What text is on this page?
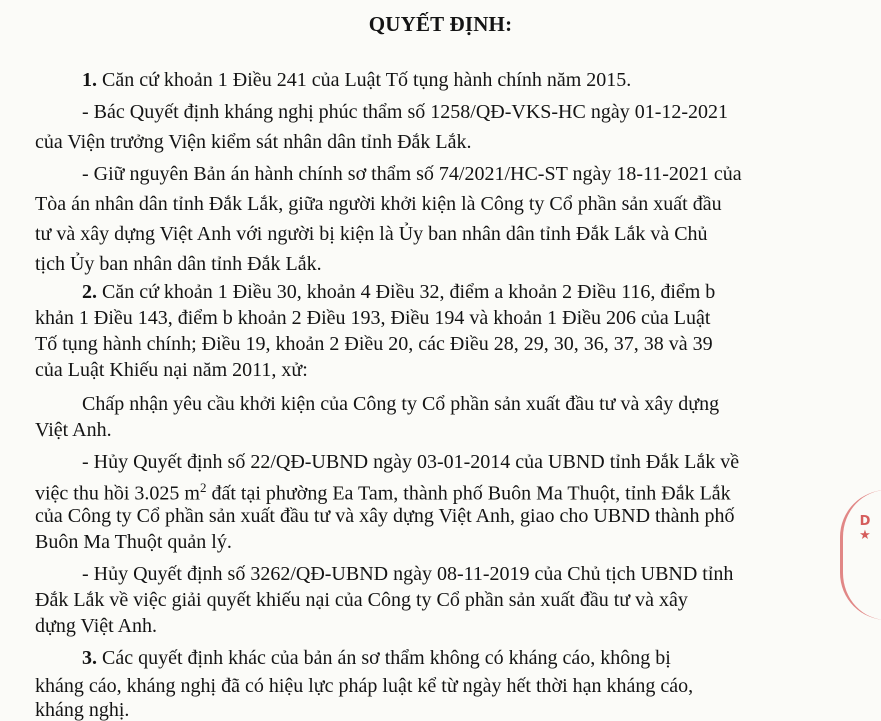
QUYẾT ĐỊNH:
1. Căn cứ khoản 1 Điều 241 của Luật Tố tụng hành chính năm 2015.
- Bác Quyết định kháng nghị phúc thẩm số 1258/QĐ-VKS-HC ngày 01-12-2021
của Viện trưởng Viện kiểm sát nhân dân tỉnh Đắk Lắk.
- Giữ nguyên Bản án hành chính sơ thẩm số 74/2021/HC-ST ngày 18-11-2021 của
Tòa án nhân dân tỉnh Đắk Lắk, giữa người khởi kiện là Công ty Cổ phần sản xuất đầu
tư và xây dựng Việt Anh với người bị kiện là Ủy ban nhân dân tỉnh Đắk Lắk và Chủ
tịch Ủy ban nhân dân tỉnh Đắk Lắk.
2. Căn cứ khoản 1 Điều 30, khoản 4 Điều 32, điểm a khoản 2 Điều 116, điểm b
khản 1 Điều 143, điểm b khoản 2 Điều 193, Điều 194 và khoản 1 Điều 206 của Luật
Tố tụng hành chính; Điều 19, khoản 2 Điều 20, các Điều 28, 29, 30, 36, 37, 38 và 39
của Luật Khiếu nại năm 2011, xử:
Chấp nhận yêu cầu khởi kiện của Công ty Cổ phần sản xuất đầu tư và xây dựng
Việt Anh.
- Hủy Quyết định số 22/QĐ-UBND ngày 03-01-2014 của UBND tỉnh Đắk Lắk về
việc thu hồi 3.025 $m^2$ đất tại phường Ea Tam, thành phố Buôn Ma Thuột, tỉnh Đắk Lắk
của Công ty Cổ phần sản xuất đầu tư và xây dựng Việt Anh, giao cho UBND thành phố
Buôn Ma Thuột quản lý.
- Hủy Quyết định số 3262/QĐ-UBND ngày 08-11-2019 của Chủ tịch UBND tỉnh
Đắk Lắk về việc giải quyết khiếu nại của Công ty Cổ phần sản xuất đầu tư và xây
dựng Việt Anh.
D★
3. Các quyết định khác của bản án sơ thẩm không có kháng cáo, không bị
kháng cáo, kháng nghị đã có hiệu lực pháp luật kể từ ngày hết thời hạn kháng cáo,
kháng nghị.
